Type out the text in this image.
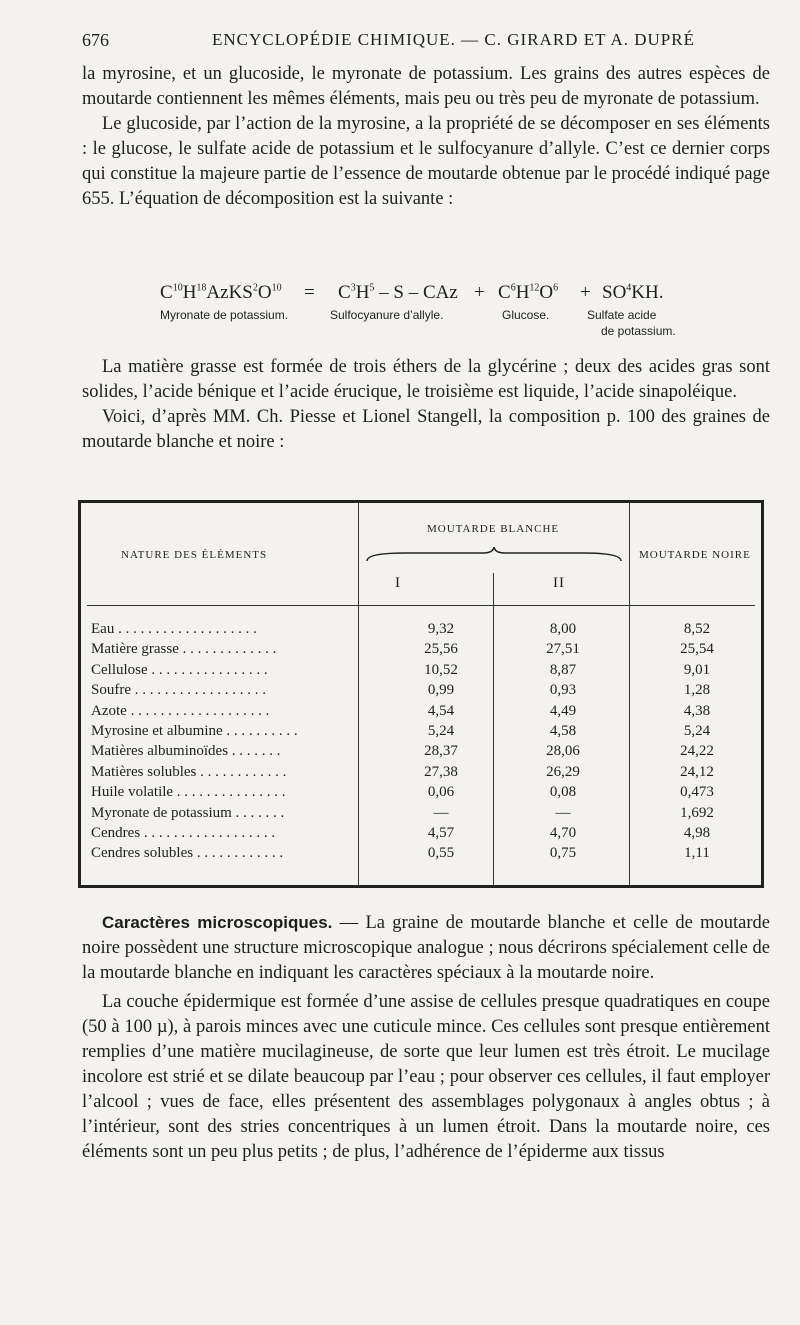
676	ENCYCLOPÉDIE CHIMIQUE. — C. GIRARD ET A. DUPRÉ

la myrosine, et un glucoside, le myronate de potassium. Les grains des autres espèces de moutarde contiennent les mêmes éléments, mais peu ou très peu de myronate de potassium.

Le glucoside, par l’action de la myrosine, a la propriété de se décomposer en ses éléments : le glucose, le sulfate acide de potassium et le sulfocyanure d’allyle. C’est ce dernier corps qui constitue la majeure partie de l’essence de moutarde obtenue par le procédé indiqué page 655. L’équation de décomposition est la suivante :

$C^{10}H^{18}AzKS^2O^{10} = C^3H^5 - S$ – CAz + $C^6H^{12}O^6 + SO^4KH$.
Myronate de potassium.	Sulfocyanure d’allyle.	Glucose.	Sulfate acide
de potassium.

La matière grasse est formée de trois éthers de la glycérine ; deux des acides gras sont solides, l’acide bénique et l’acide érucique, le troisième est liquide, l’acide sinapoléique.

Voici, d’après MM. Ch. Piesse et Lionel Stangell, la composition p. 100 des graines de moutarde blanche et noire :

NATURE DES ÉLÉMENTS
MOUTARDE BLANCHE
MOUTARDE NOIRE
I	II
Eau . . . . . . . . . . . . . . . . . . .	9,32	8,00	8,52
Matière grasse . . . . . . . . . . . . .	25,56	27,51	25,54
Cellulose . . . . . . . . . . . . . . . .	10,52	8,87	9,01
Soufre . . . . . . . . . . . . . . . . . .	0,99	0,93	1,28
Azote . . . . . . . . . . . . . . . . . . .	4,54	4,49	4,38
Myrosine et albumine . . . . . . . . . .	5,24	4,58	5,24
Matières albuminoïdes . . . . . . .	28,37	28,06	24,22
Matières solubles . . . . . . . . . . . .	27,38	26,29	24,12
Huile volatile . . . . . . . . . . . . . . .	0,06	0,08	0,473
Myronate de potassium . . . . . . .	—	—	1,692
Cendres . . . . . . . . . . . . . . . . . .	4,57	4,70	4,98
Cendres solubles . . . . . . . . . . . .	0,55	0,75	1,11

Caractères microscopiques. — La graine de moutarde blanche et celle de moutarde noire possèdent une structure microscopique analogue ; nous décrirons spécialement celle de la moutarde blanche en indiquant les caractères spéciaux à la moutarde noire.

La couche épidermique est formée d’une assise de cellules presque quadratiques en coupe (50 à 100 µ), à parois minces avec une cuticule mince. Ces cellules sont presque entièrement remplies d’une matière mucilagineuse, de sorte que leur lumen est très étroit. Le mucilage incolore est strié et se dilate beaucoup par l’eau ; pour observer ces cellules, il faut employer l’alcool ; vues de face, elles présentent des assemblages polygonaux à angles obtus ; à l’intérieur, sont des stries concentriques à un lumen étroit. Dans la moutarde noire, ces éléments sont un peu plus petits ; de plus, l’adhérence de l’épiderme aux tissus
